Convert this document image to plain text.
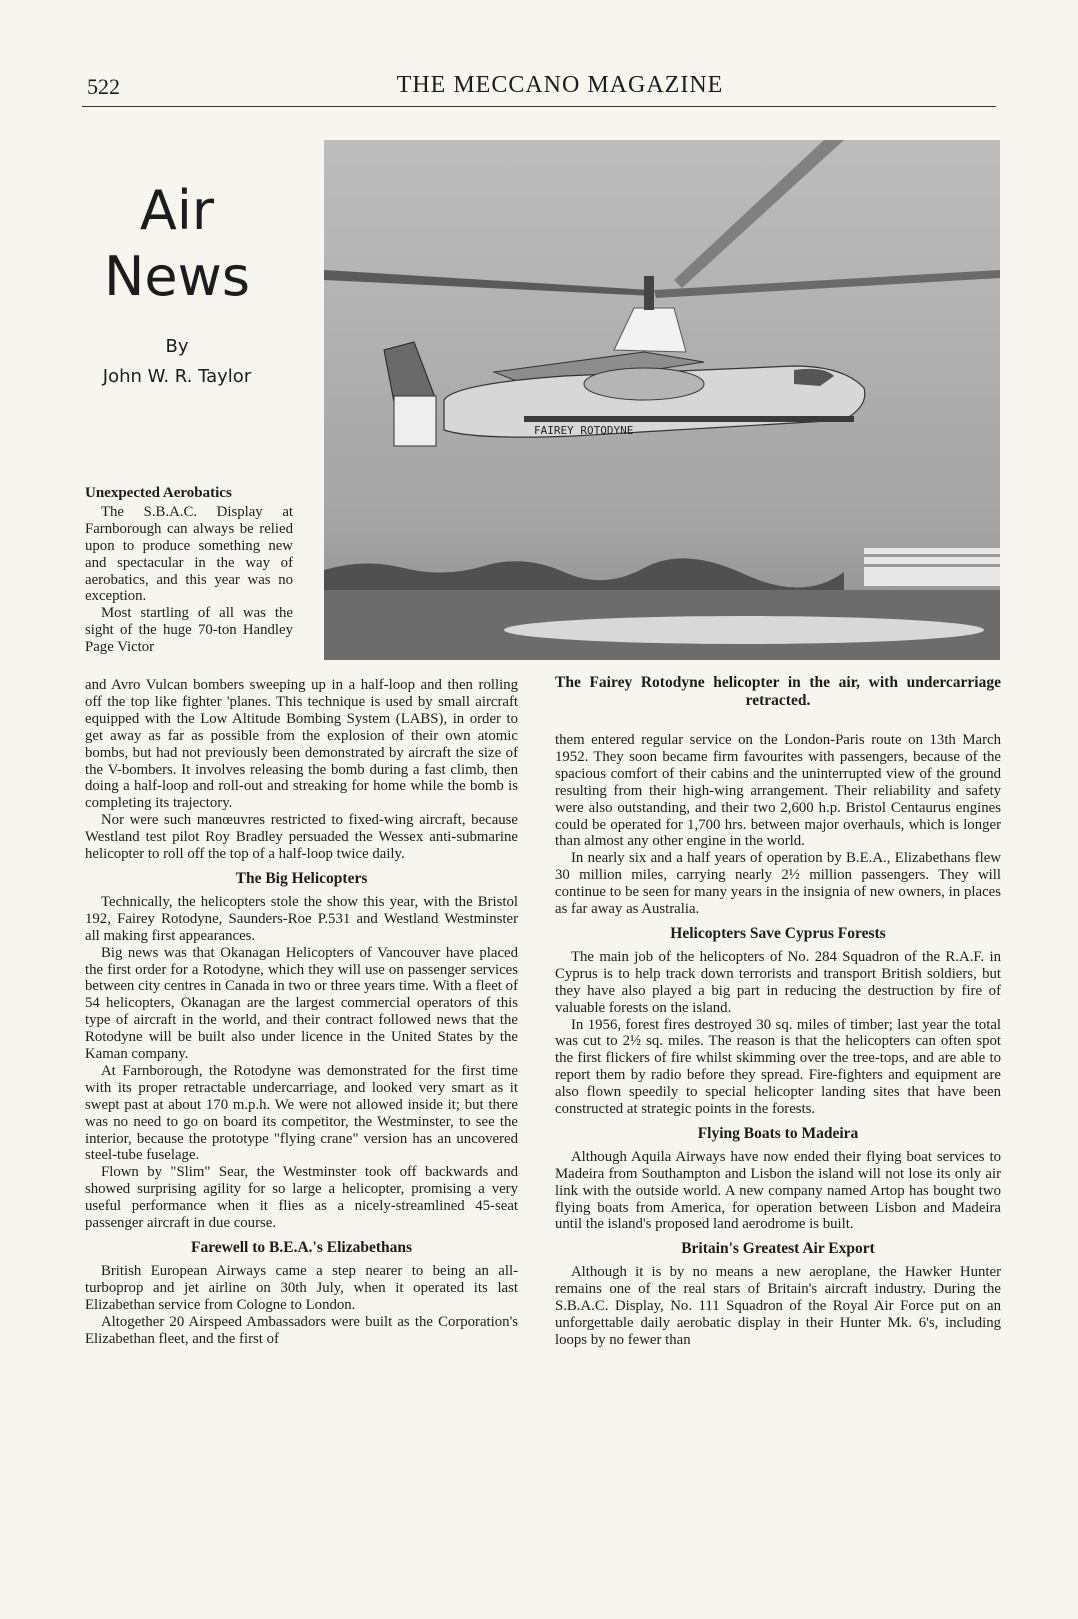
522	THE MECCANO MAGAZINE
Air
News
By
John W. R. Taylor
FAIREY ROTODYNE
The Fairey Rotodyne helicopter in the air, with undercarriage retracted.
Unexpected Aerobatics

The S.B.A.C. Display at Farnborough can always be relied upon to produce something new and spectacular in the way of aerobatics, and this year was no exception.

Most startling of all was the sight of the huge 70-ton Handley Page Victor

and Avro Vulcan bombers sweeping up in a half-loop and then rolling off the top like fighter 'planes. This technique is used by small aircraft equipped with the Low Altitude Bombing System (LABS), in order to get away as far as possible from the explosion of their own atomic bombs, but had not previously been demonstrated by aircraft the size of the V-bombers. It involves releasing the bomb during a fast climb, then doing a half-loop and roll-out and streaking for home while the bomb is completing its trajectory.

Nor were such manœuvres restricted to fixed-wing aircraft, because Westland test pilot Roy Bradley persuaded the Wessex anti-submarine helicopter to roll off the top of a half-loop twice daily.

The Big Helicopters

Technically, the helicopters stole the show this year, with the Bristol 192, Fairey Rotodyne, Saunders-Roe P.531 and Westland Westminster all making first appearances.

Big news was that Okanagan Helicopters of Vancouver have placed the first order for a Rotodyne, which they will use on passenger services between city centres in Canada in two or three years time. With a fleet of 54 helicopters, Okanagan are the largest commercial operators of this type of aircraft in the world, and their contract followed news that the Rotodyne will be built also under licence in the United States by the Kaman company.

At Farnborough, the Rotodyne was demonstrated for the first time with its proper retractable undercarriage, and looked very smart as it swept past at about 170 m.p.h. We were not allowed inside it; but there was no need to go on board its competitor, the Westminster, to see the interior, because the prototype "flying crane" version has an uncovered steel-tube fuselage.

Flown by "Slim" Sear, the Westminster took off backwards and showed surprising agility for so large a helicopter, promising a very useful performance when it flies as a nicely-streamlined 45-seat passenger aircraft in due course.

Farewell to B.E.A.'s Elizabethans

British European Airways came a step nearer to being an all-turboprop and jet airline on 30th July, when it operated its last Elizabethan service from Cologne to London.

Altogether 20 Airspeed Ambassadors were built as the Corporation's Elizabethan fleet, and the first of

them entered regular service on the London-Paris route on 13th March 1952. They soon became firm favourites with passengers, because of the spacious comfort of their cabins and the uninterrupted view of the ground resulting from their high-wing arrangement. Their reliability and safety were also outstanding, and their two 2,600 h.p. Bristol Centaurus engines could be operated for 1,700 hrs. between major overhauls, which is longer than almost any other engine in the world.

In nearly six and a half years of operation by B.E.A., Elizabethans flew 30 million miles, carrying nearly 2½ million passengers. They will continue to be seen for many years in the insignia of new owners, in places as far away as Australia.

Helicopters Save Cyprus Forests

The main job of the helicopters of No. 284 Squadron of the R.A.F. in Cyprus is to help track down terrorists and transport British soldiers, but they have also played a big part in reducing the destruction by fire of valuable forests on the island.

In 1956, forest fires destroyed 30 sq. miles of timber; last year the total was cut to 2½ sq. miles. The reason is that the helicopters can often spot the first flickers of fire whilst skimming over the tree-tops, and are able to report them by radio before they spread. Fire-fighters and equipment are also flown speedily to special helicopter landing sites that have been constructed at strategic points in the forests.

Flying Boats to Madeira

Although Aquila Airways have now ended their flying boat services to Madeira from Southampton and Lisbon the island will not lose its only air link with the outside world. A new company named Artop has bought two flying boats from America, for operation between Lisbon and Madeira until the island's proposed land aerodrome is built.

Britain's Greatest Air Export

Although it is by no means a new aeroplane, the Hawker Hunter remains one of the real stars of Britain's aircraft industry. During the S.B.A.C. Display, No. 111 Squadron of the Royal Air Force put on an unforgettable daily aerobatic display in their Hunter Mk. 6's, including loops by no fewer than
